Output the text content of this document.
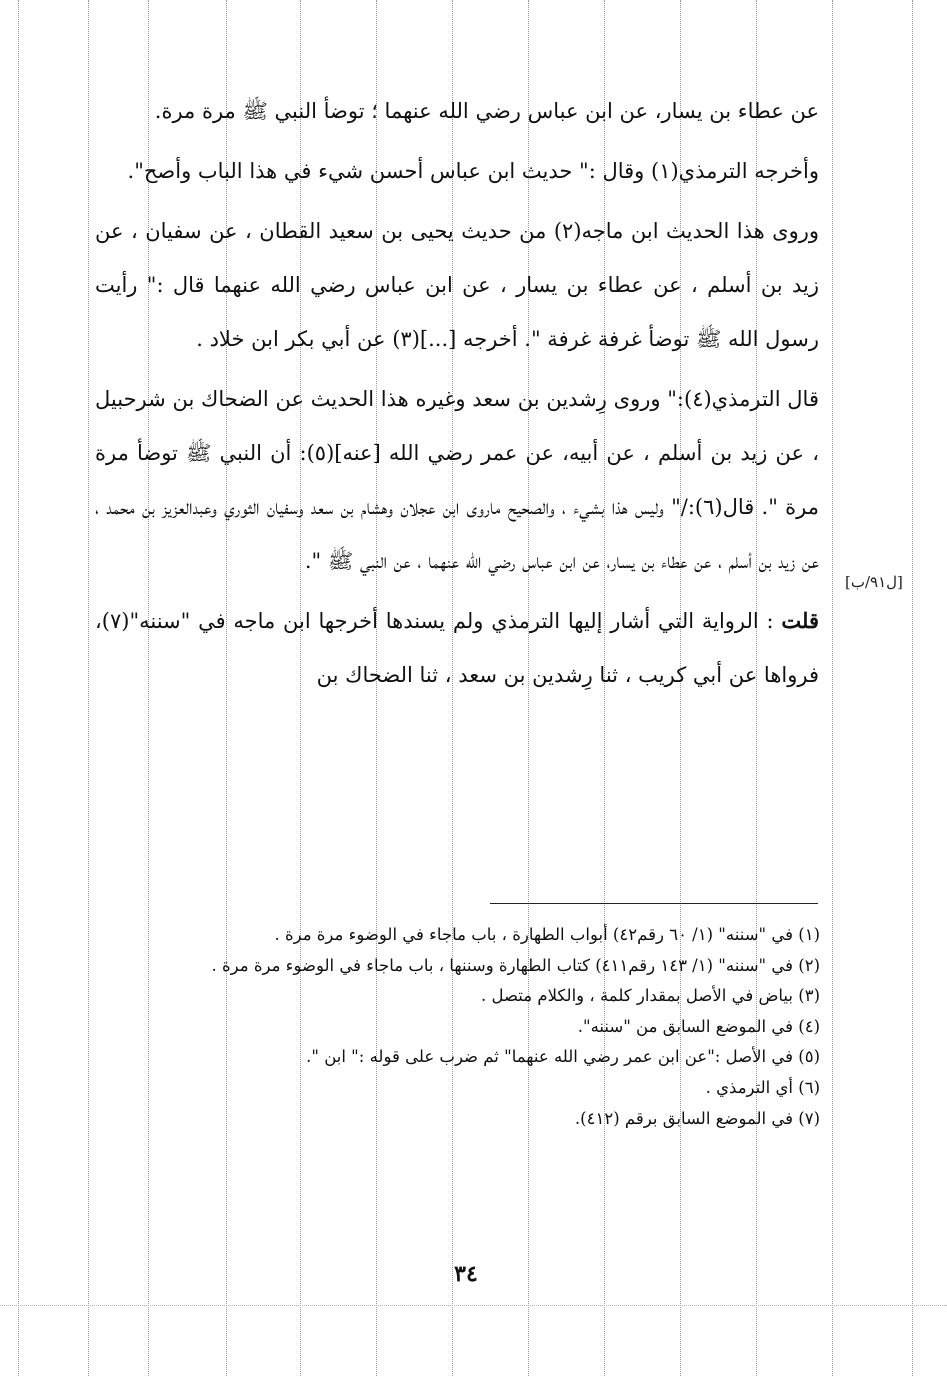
عن عطاء بن يسار، عن ابن عباس رضي الله عنهما ؛ توضأ النبي ﷺ مرة مرة.

وأخرجه الترمذي(١) وقال :" حديث ابن عباس أحسن شيء في هذا الباب وأصح".

وروى هذا الحديث ابن ماجه(٢) من حديث يحيى بن سعيد القطان ، عن سفيان ، عن زيد بن أسلم ، عن عطاء بن يسار ، عن ابن عباس رضي الله عنهما قال :" رأيت رسول الله ﷺ توضأ غرفة غرفة ". أخرجه [...](٣) عن أبي بكر ابن خلاد .

قال الترمذي(٤):" وروى رِشدين بن سعد وغيره هذا الحديث عن الضحاك بن شرحبيل ، عن زيد بن أسلم ، عن أبيه، عن عمر رضي الله [عنه](٥): أن النبي ﷺ توضأ مرة مرة ". قال(٦):/" وليس هذا بشيء ، والصحيح ماروى ابن عجلان وهشام بن سعد وسفيان الثوري وعبدالعزيز بن محمد ، عن زيد بن أسلم ، عن عطاء بن يسار، عن ابن عباس رضي الله عنهما ، عن النبي ﷺ ".

قلت : الرواية التي أشار إليها الترمذي ولم يسندها أخرجها ابن ماجه في "سننه"(٧)، فرواها عن أبي كريب ، ثنا رِشدين بن سعد ، ثنا الضحاك بن

[ل٩١/ب]
(١) في "سننه" (١/ ٦٠ رقم٤٢) أبواب الطهارة ، باب ماجاء في الوضوء مرة مرة .
(٢) في "سننه" (١/ ١٤٣ رقم٤١١) كتاب الطهارة وسننها ، باب ماجاء في الوضوء مرة مرة .
(٣) بياض في الأصل بمقدار كلمة ، والكلام متصل .
(٤) في الموضع السابق من "سننه".
(٥) في الأصل :"عن ابن عمر رضي الله عنهما" ثم ضرب على قوله :" ابن ".
(٦) أي الترمذي .
(٧) في الموضع السابق برقم (٤١٢).
٣٤
